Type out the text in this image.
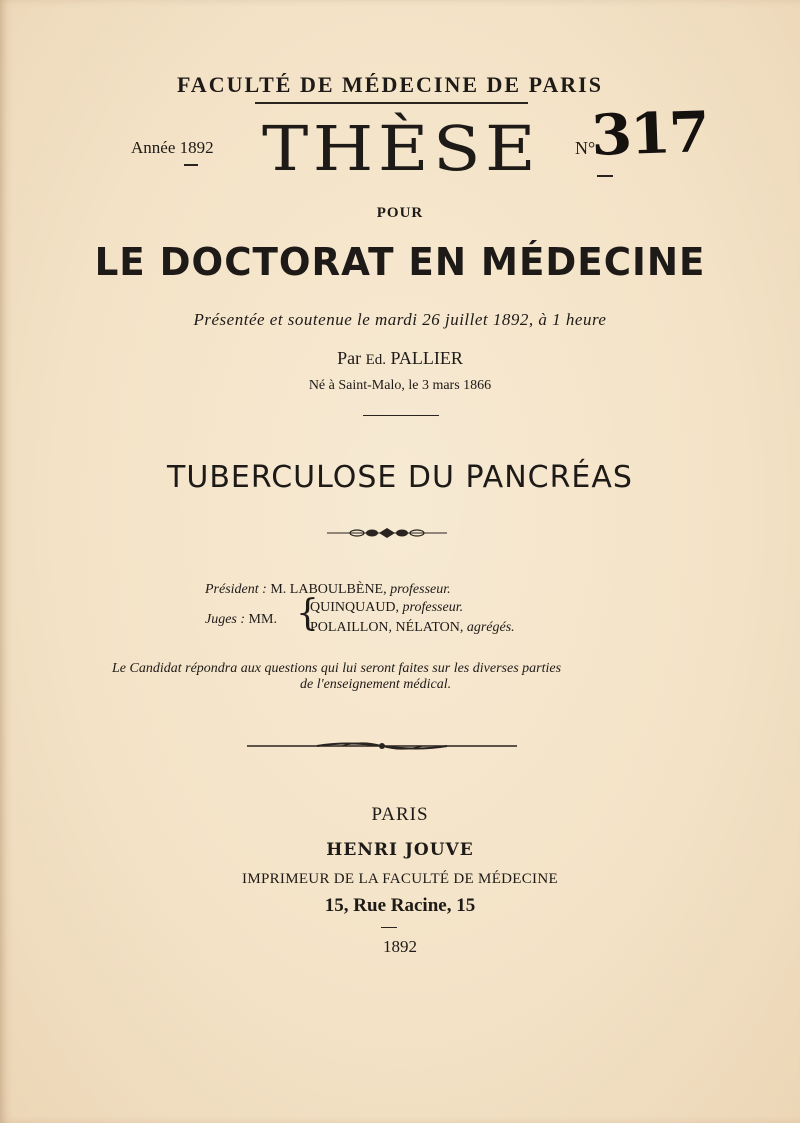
FACULTÉ DE MÉDECINE DE PARIS
Année 1892 THÈSE N°
317
POUR
LE DOCTORAT EN MÉDECINE
Présentée et soutenue le mardi 26 juillet 1892, à 1 heure
Par Ed. PALLIER
Né à Saint-Malo, le 3 mars 1866
TUBERCULOSE DU PANCRÉAS
Président : M. LABOULBÈNE, professeur.
Juges : MM. {
QUINQUAUD, professeur.
POLAILLON, NÉLATON, agrégés.
Le Candidat répondra aux questions qui lui seront faites sur les diverses parties
de l'enseignement médical.
PARIS
HENRI JOUVE
IMPRIMEUR DE LA FACULTÉ DE MÉDECINE
15, Rue Racine, 15
1892
